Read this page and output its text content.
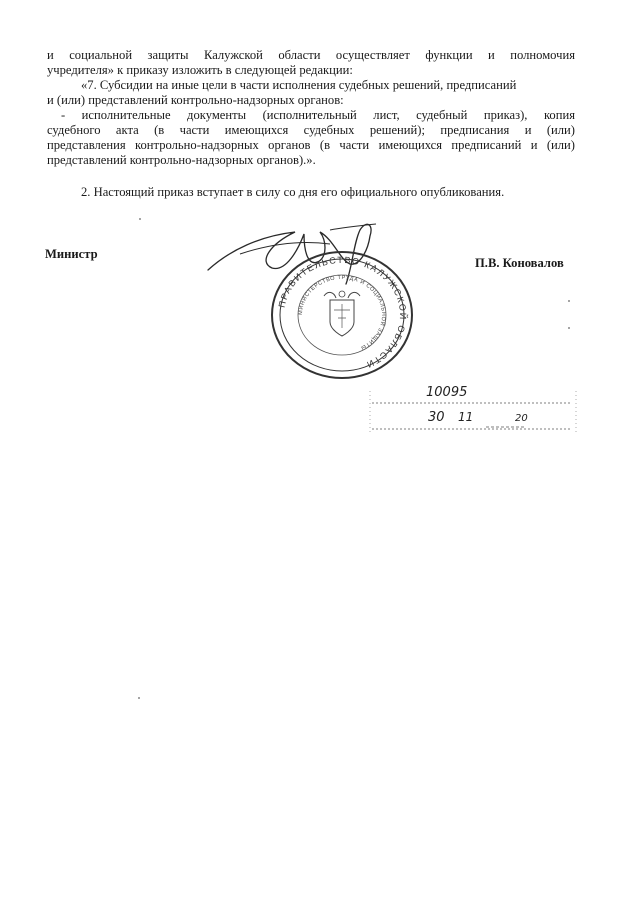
и социальной защиты Калужской области осуществляет функции и полномочия
учредителя» к приказу изложить в следующей редакции:
«7. Субсидии на иные цели в части исполнения судебных решений, предписаний
и (или) представлений контрольно-надзорных органов:
- исполнительные документы (исполнительный лист, судебный приказ), копия
судебного акта (в части имеющихся судебных решений); предписания и (или)
представления контрольно-надзорных органов (в части имеющихся предписаний и (или)
представлений контрольно-надзорных органов).».
2. Настоящий приказ вступает в силу со дня его официального опубликования.
Министр
П.В. Коновалов
ПРАВИТЕЛЬСТВО КАЛУЖСКОЙ ОБЛАСТИ
МИНИСТЕРСТВО ТРУДА И СОЦИАЛЬНОЙ ЗАЩИТЫ
10095
30 11	20
